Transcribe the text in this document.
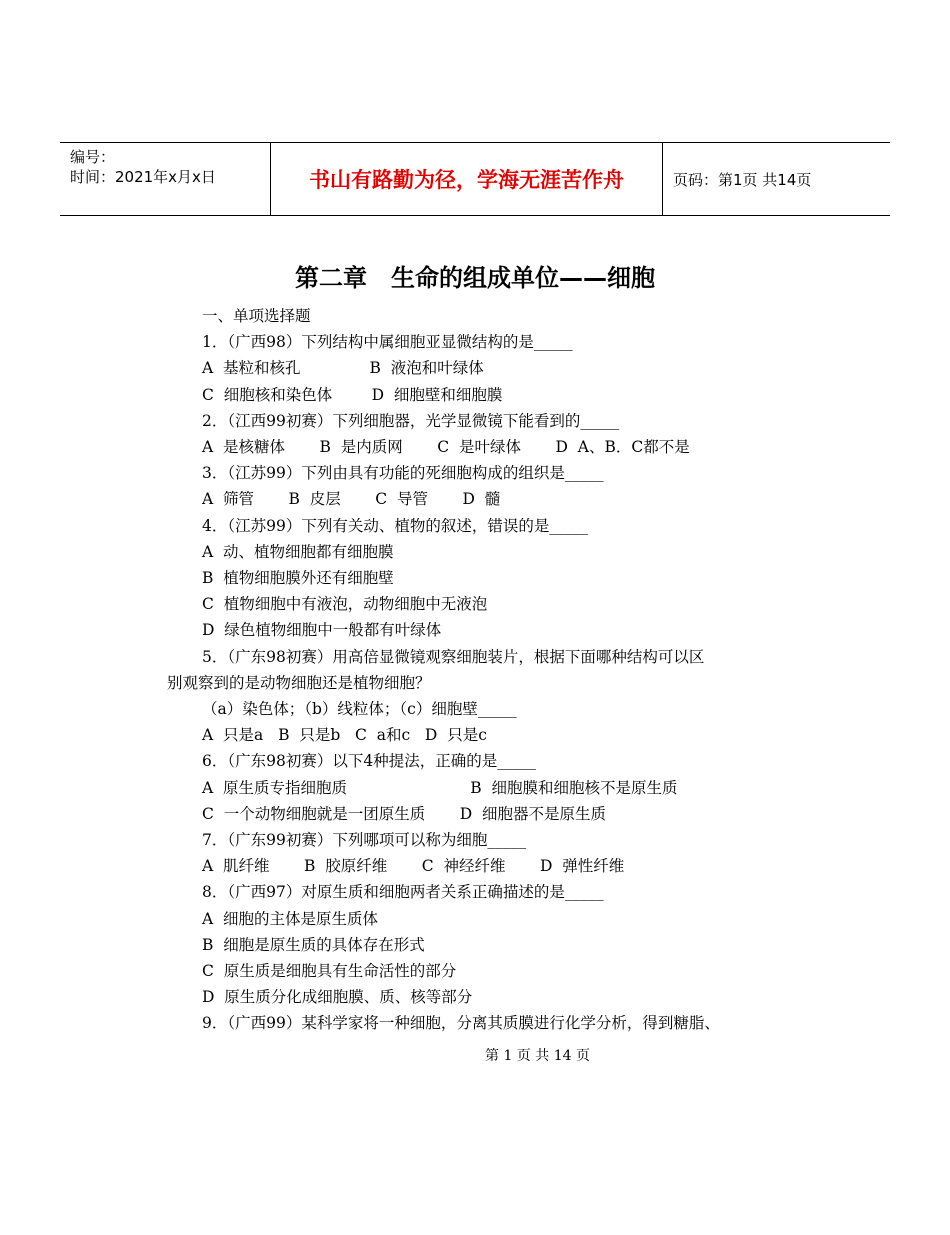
编号：
时间：2021年x月x日	书山有路勤为径，学海无涯苦作舟	页码：第1页 共14页
第二章　生命的组成单位——细胞
一、单项选择题
1．（广西98）下列结构中属细胞亚显微结构的是_____
A  基粒和核孔              B  液泡和叶绿体
C  细胞核和染色体        D  细胞壁和细胞膜
2．（江西99初赛）下列细胞器，光学显微镜下能看到的_____
A  是核糖体       B  是内质网       C  是叶绿体       D  A、B．C都不是
3．（江苏99）下列由具有功能的死细胞构成的组织是_____
A  筛管       B  皮层       C  导管       D  髓
4．（江苏99）下列有关动、植物的叙述，错误的是_____
A  动、植物细胞都有细胞膜
B  植物细胞膜外还有细胞壁
C  植物细胞中有液泡，动物细胞中无液泡
D  绿色植物细胞中一般都有叶绿体
5．（广东98初赛）用高倍显微镜观察细胞装片，根据下面哪种结构可以区
别观察到的是动物细胞还是植物细胞？
（a）染色体；（b）线粒体；（c）细胞壁_____
A  只是a   B  只是b   C  a和c   D  只是c
6．（广东98初赛）以下4种提法，正确的是_____
A  原生质专指细胞质                         B  细胞膜和细胞核不是原生质
C  一个动物细胞就是一团原生质       D  细胞器不是原生质
7．（广东99初赛）下列哪项可以称为细胞_____
A  肌纤维       B  胶原纤维       C  神经纤维       D  弹性纤维
8．（广西97）对原生质和细胞两者关系正确描述的是_____
A  细胞的主体是原生质体
B  细胞是原生质的具体存在形式
C  原生质是细胞具有生命活性的部分
D  原生质分化成细胞膜、质、核等部分
9．（广西99）某科学家将一种细胞，分离其质膜进行化学分析，得到糖脂、
第 1 页 共 14 页
